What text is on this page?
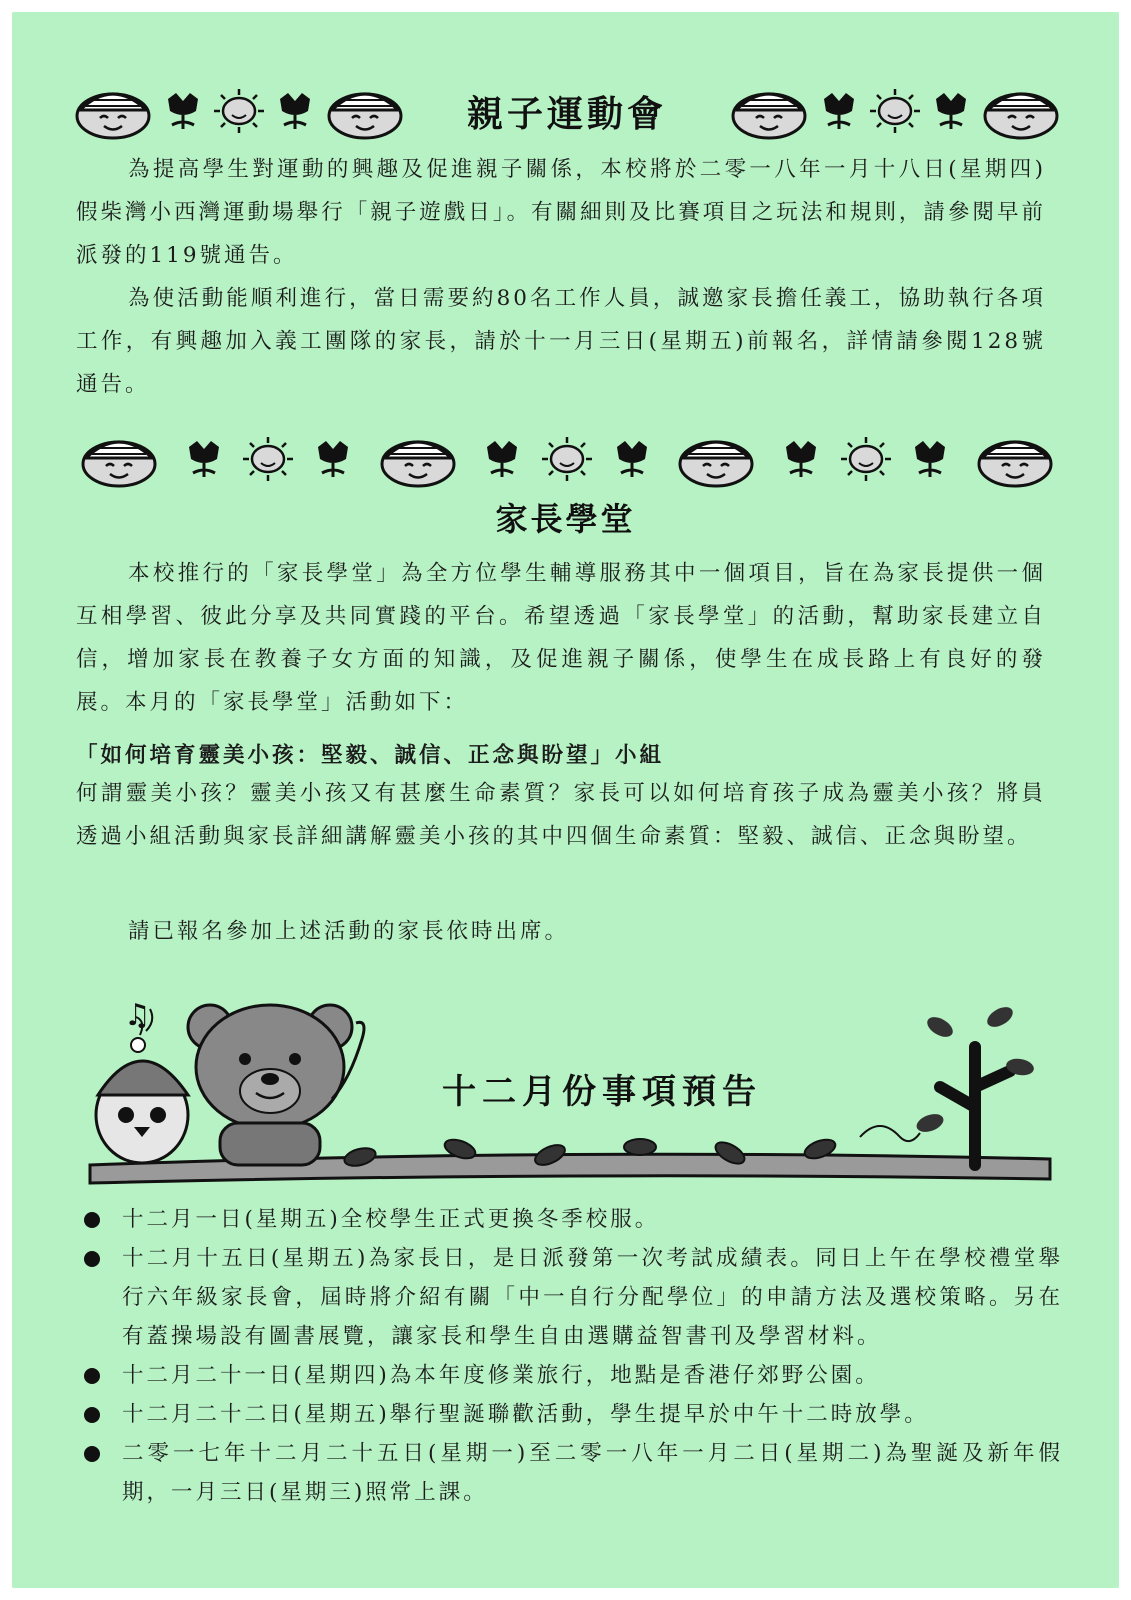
親子運動會
為提高學生對運動的興趣及促進親子關係，本校將於二零一八年一月十八日(星期四)假柴灣小西灣運動場舉行「親子遊戲日」。有關細則及比賽項目之玩法和規則，請參閱早前派發的119號通告。
為使活動能順利進行，當日需要約80名工作人員，誠邀家長擔任義工，協助執行各項工作，有興趣加入義工團隊的家長，請於十一月三日(星期五)前報名，詳情請參閱128號通告。
家長學堂
本校推行的「家長學堂」為全方位學生輔導服務其中一個項目，旨在為家長提供一個互相學習、彼此分享及共同實踐的平台。希望透過「家長學堂」的活動，幫助家長建立自信，增加家長在教養子女方面的知識，及促進親子關係，使學生在成長路上有良好的發展。本月的「家長學堂」活動如下：
「如何培育靈美小孩：堅毅、誠信、正念與盼望」小組
何謂靈美小孩？靈美小孩又有甚麼生命素質？家長可以如何培育孩子成為靈美小孩？將員透過小組活動與家長詳細講解靈美小孩的其中四個生命素質：堅毅、誠信、正念與盼望。
請已報名參加上述活動的家長依時出席。
♫
十二月份事項預告
十二月一日(星期五)全校學生正式更換冬季校服。
十二月十五日(星期五)為家長日，是日派發第一次考試成績表。同日上午在學校禮堂舉行六年級家長會，屆時將介紹有關「中一自行分配學位」的申請方法及選校策略。另在有蓋操場設有圖書展覽，讓家長和學生自由選購益智書刊及學習材料。
十二月二十一日(星期四)為本年度修業旅行，地點是香港仔郊野公園。
十二月二十二日(星期五)舉行聖誕聯歡活動，學生提早於中午十二時放學。
二零一七年十二月二十五日(星期一)至二零一八年一月二日(星期二)為聖誕及新年假期，一月三日(星期三)照常上課。
